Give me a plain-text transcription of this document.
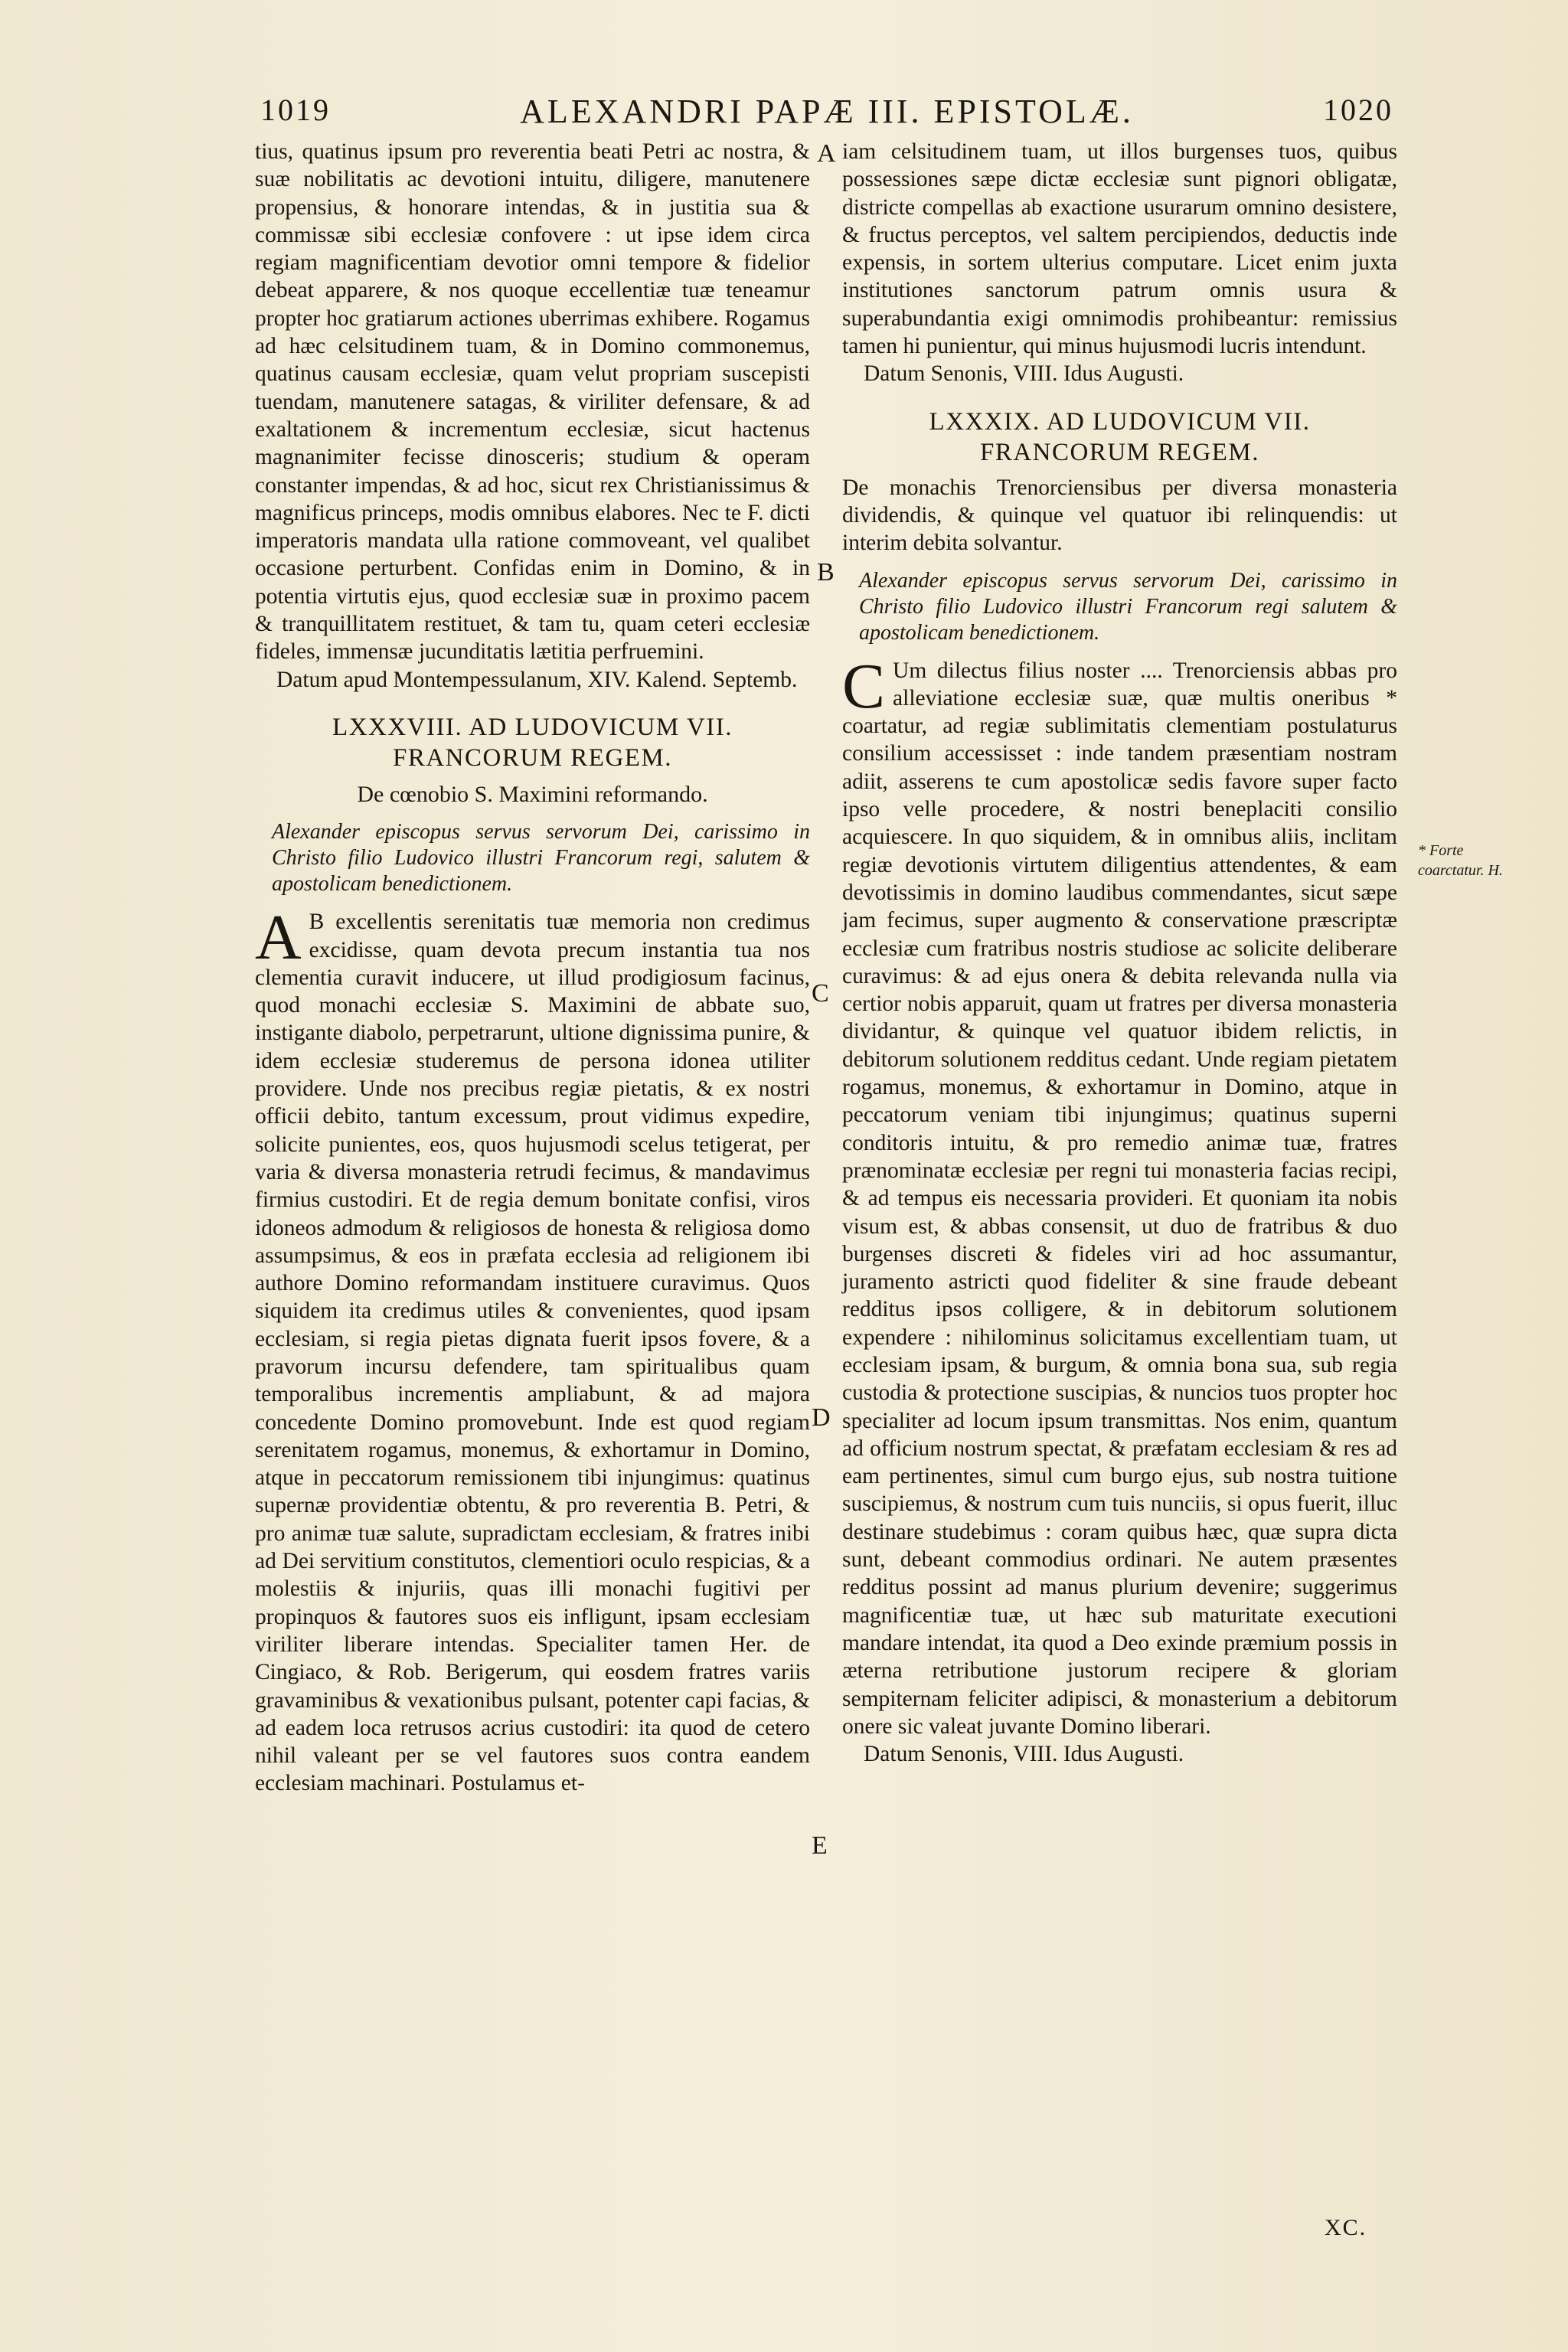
1019	ALEXANDRI PAPÆ III. EPISTOLÆ.	1020

tius, quatinus ipsum pro reverentia beati Petri ac nostra, & suæ nobilitatis ac devotioni intuitu, diligere, manutenere propensius, & honorare intendas, & in justitia sua & commissæ sibi ecclesiæ confovere : ut ipse idem circa regiam magnificentiam devotior omni tempore & fidelior debeat apparere, & nos quoque eccellentiæ tuæ teneamur propter hoc gratiarum actiones uberrimas exhibere. Rogamus ad hæc celsitudinem tuam, & in Domino commonemus, quatinus causam ecclesiæ, quam velut propriam suscepisti tuendam, manutenere satagas, & viriliter defensare, & ad exaltationem & incrementum ecclesiæ, sicut hactenus magnanimiter fecisse dinosceris; studium & operam constanter impendas, & ad hoc, sicut rex Christianissimus & magnificus princeps, modis omnibus elabores. Nec te F. dicti imperatoris mandata ulla ratione commoveant, vel qualibet occasione perturbent. Confidas enim in Domino, & in potentia virtutis ejus, quod ecclesiæ suæ in proximo pacem & tranquillitatem restituet, & tam tu, quam ceteri ecclesiæ fideles, immensæ jucunditatis lætitia perfruemini.

Datum apud Montempessulanum, XIV. Kalend. Septemb.

LXXXVIII. AD LUDOVICUM VII. FRANCORUM REGEM.
De cœnobio S. Maximini reformando.
Alexander episcopus servus servorum Dei, carissimo in Christo filio Ludovico illustri Francorum regi, salutem & apostolicam benedictionem.

A B excellentis serenitatis tuæ memoria non credimus excidisse, quam devota precum instantia tua nos clementia curavit inducere, ut illud prodigiosum facinus, quod monachi ecclesiæ S. Maximini de abbate suo, instigante diabolo, perpetrarunt, ultione dignissima punire, & idem ecclesiæ studeremus de persona idonea utiliter providere. Unde nos precibus regiæ pietatis, & ex nostri officii debito, tantum excessum, prout vidimus expedire, solicite punientes, eos, quos hujusmodi scelus tetigerat, per varia & diversa monasteria retrudi fecimus, & mandavimus firmius custodiri. Et de regia demum bonitate confisi, viros idoneos admodum & religiosos de honesta & religiosa domo assumpsimus, & eos in præfata ecclesia ad religionem ibi authore Domino reformandam instituere curavimus. Quos siquidem ita credimus utiles & convenientes, quod ipsam ecclesiam, si regia pietas dignata fuerit ipsos fovere, & a pravorum incursu defendere, tam spiritualibus quam temporalibus incrementis ampliabunt, & ad majora concedente Domino promovebunt. Inde est quod regiam serenitatem rogamus, monemus, & exhortamur in Domino, atque in peccatorum remissionem tibi injungimus: quatinus supernæ providentiæ obtentu, & pro reverentia B. Petri, & pro animæ tuæ salute, supradictam ecclesiam, & fratres inibi ad Dei servitium constitutos, clementiori oculo respicias, & a molestiis & injuriis, quas illi monachi fugitivi per propinquos & fautores suos eis infligunt, ipsam ecclesiam viriliter liberare intendas. Specialiter tamen Her. de Cingiaco, & Rob. Berigerum, qui eosdem fratres variis gravaminibus & vexationibus pulsant, potenter capi facias, & ad eadem loca retrusos acrius custodiri: ita quod de cetero nihil valeant per se vel fautores suos contra eandem ecclesiam machinari. Postulamus et-

iam celsitudinem tuam, ut illos burgenses tuos, quibus possessiones sæpe dictæ ecclesiæ sunt pignori obligatæ, districte compellas ab exactione usurarum omnino desistere, & fructus perceptos, vel saltem percipiendos, deductis inde expensis, in sortem ulterius computare. Licet enim juxta institutiones sanctorum patrum omnis usura & superabundantia exigi omnimodis prohibeantur: remissius tamen hi punientur, qui minus hujusmodi lucris intendunt.

Datum Senonis, VIII. Idus Augusti.

LXXXIX. AD LUDOVICUM VII. FRANCORUM REGEM.

De monachis Trenorciensibus per diversa monasteria dividendis, & quinque vel quatuor ibi relinquendis: ut interim debita solvantur.

Alexander episcopus servus servorum Dei, carissimo in Christo filio Ludovico illustri Francorum regi salutem & apostolicam benedictionem.

C Um dilectus filius noster .... Trenorciensis abbas pro alleviatione ecclesiæ suæ, quæ multis oneribus * coartatur, ad regiæ sublimitatis clementiam postulaturus consilium accessisset : inde tandem præsentiam nostram adiit, asserens te cum apostolicæ sedis favore super facto ipso velle procedere, & nostri beneplaciti consilio acquiescere. In quo siquidem, & in omnibus aliis, inclitam regiæ devotionis virtutem diligentius attendentes, & eam devotissimis in domino laudibus commendantes, sicut sæpe jam fecimus, super augmento & conservatione præscriptæ ecclesiæ cum fratribus nostris studiose ac solicite deliberare curavimus: & ad ejus onera & debita relevanda nulla via certior nobis apparuit, quam ut fratres per diversa monasteria dividantur, & quinque vel quatuor ibidem relictis, in debitorum solutionem redditus cedant. Unde regiam pietatem rogamus, monemus, & exhortamur in Domino, atque in peccatorum veniam tibi injungimus; quatinus superni conditoris intuitu, & pro remedio animæ tuæ, fratres prænominatæ ecclesiæ per regni tui monasteria facias recipi, & ad tempus eis necessaria provideri. Et quoniam ita nobis visum est, & abbas consensit, ut duo de fratribus & duo burgenses discreti & fideles viri ad hoc assumantur, juramento astricti quod fideliter & sine fraude debeant redditus ipsos colligere, & in debitorum solutionem expendere : nihilominus solicitamus excellentiam tuam, ut ecclesiam ipsam, & burgum, & omnia bona sua, sub regia custodia & protectione suscipias, & nuncios tuos propter hoc specialiter ad locum ipsum transmittas. Nos enim, quantum ad officium nostrum spectat, & præfatam ecclesiam & res ad eam pertinentes, simul cum burgo ejus, sub nostra tuitione suscipiemus, & nostrum cum tuis nunciis, si opus fuerit, illuc destinare studebimus : coram quibus hæc, quæ supra dicta sunt, debeant commodius ordinari. Ne autem præsentes redditus possint ad manus plurium devenire; suggerimus magnificentiæ tuæ, ut hæc sub maturitate executioni mandare intendat, ita quod a Deo exinde præmium possis in æterna retributione justorum recipere & gloriam sempiternam feliciter adipisci, & monasterium a debitorum onere sic valeat juvante Domino liberari.

Datum Senonis, VIII. Idus Augusti.

A
B
C
D
E
* Forte coarctatur. H.
XC.
